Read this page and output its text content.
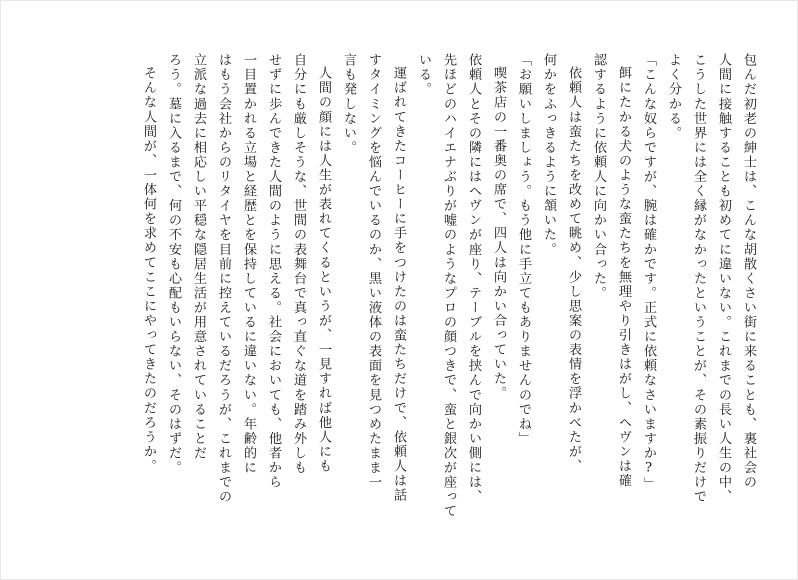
包んだ初老の紳士は、こんな胡散くさい街に来ることも、裏社会の
人間に接触することも初めてに違いない。これまでの長い人生の中、
こうした世界には全く縁がなかったということが、その素振りだけで
よく分かる。
「こんな奴らですが、腕は確かです。正式に依頼なさいますか?」
餌にたかる犬のような蛮たちを無理やり引きはがし、ヘヴンは確
認するように依頼人に向かい合った。
依頼人は蛮たちを改めて眺め、少し思案の表情を浮かべたが、
何かをふっきるように頷いた。
「お願いしましょう。もう他に手立てもありませんのでね」
喫茶店の一番奥の席で、四人は向かい合っていた。
依頼人とその隣にはヘヴンが座り、テーブルを挟んで向かい側には、
先ほどのハイエナぶりが嘘のようなプロの顔つきで、蛮と銀次が座って
いる。
運ばれてきたコーヒーに手をつけたのは蛮たちだけで、依頼人は話
すタイミングを悩んでいるのか、黒い液体の表面を見つめたまま一
言も発しない。
人間の顔には人生が表れてくるというが、一見すれば他人にも
自分にも厳しそうな、世間の表舞台で真っ直ぐな道を踏み外しも
せずに歩んできた人間のように思える。社会においても、他者から
一目置かれる立場と経歴とを保持しているに違いない。年齢的に
はもう会社からのリタイヤを目前に控えているだろうが、これまでの
立派な過去に相応しい平穏な隠居生活が用意されていることだ
ろう。墓に入るまで、何の不安も心配もいらない、そのはずだ。
そんな人間が、一体何を求めてここにやってきたのだろうか。
